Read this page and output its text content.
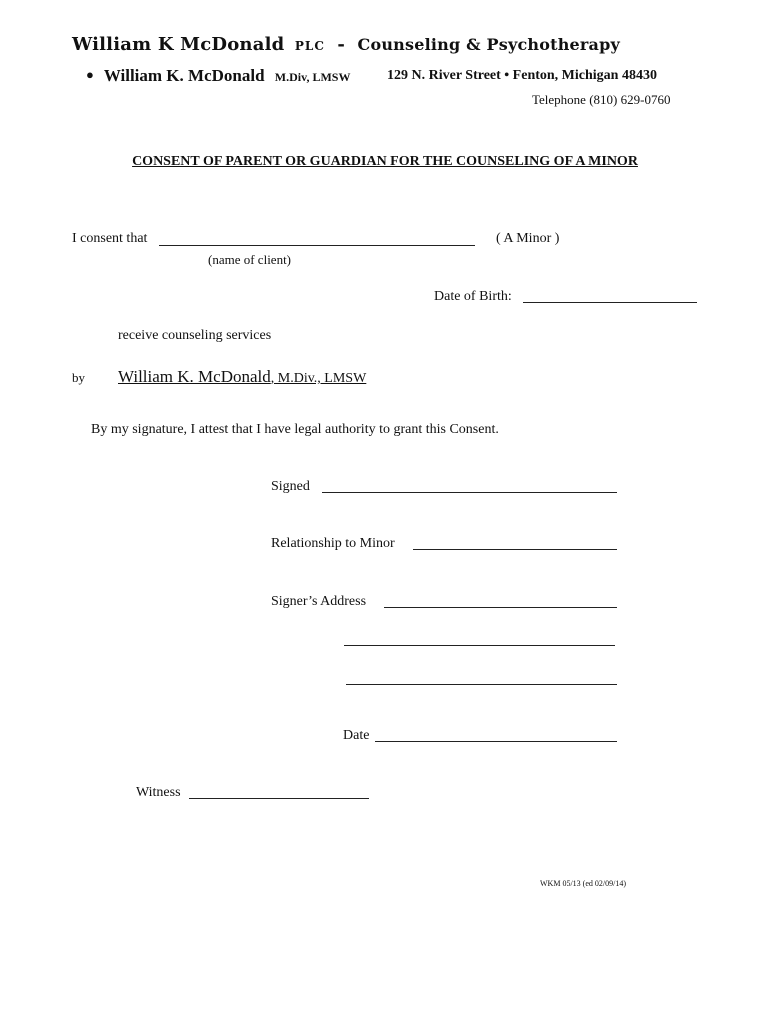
William K McDonald PLC - Counseling & Psychotherapy
● William K. McDonald M.Div, LMSW	129 N. River Street • Fenton, Michigan 48430
Telephone (810) 629-0760
CONSENT OF PARENT OR GUARDIAN FOR THE COUNSELING OF A MINOR
I consent that	( A Minor )
(name of client)
Date of Birth:
receive counseling services
by William K. McDonald, M.Div., LMSW
By my signature, I attest that I have legal authority to grant this Consent.
Signed
Relationship to Minor
Signer’s Address
Date
Witness
WKM 05/13 (ed 02/09/14)
